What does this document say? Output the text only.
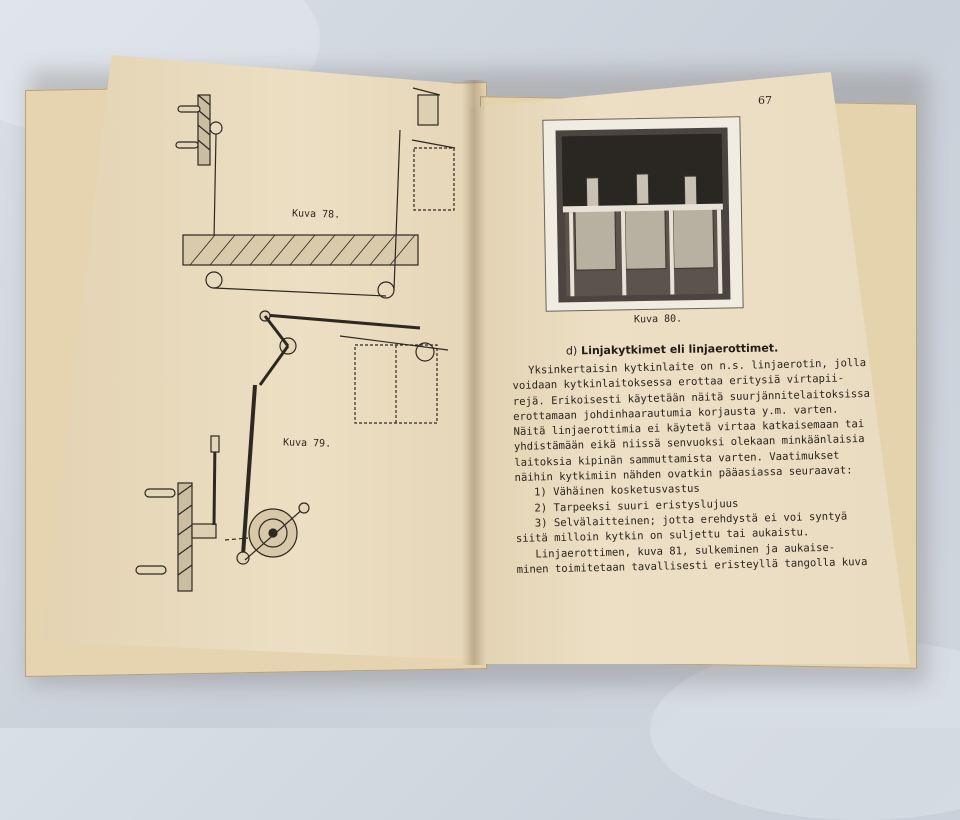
Kuva 78.
Kuva 79.
67
Kuva 80.
d) Linjakytkimet eli linjaerottimet.
Yksinkertaisin kytkinlaite on n.s. linjaerotin, jolla
voidaan kytkinlaitoksessa erottaa eritysiä virtapii-
rejä. Erikoisesti käytetään näitä suurjännitelaitoksissa
erottamaan johdinhaarautumia korjausta y.m. varten.
Näitä linjaerottimia ei käytetä virtaa katkaisemaan tai
yhdistämään eikä niissä senvuoksi olekaan minkäänlaisia
laitoksia kipinän sammuttamista varten. Vaatimukset
näihin kytkimiin nähden ovatkin pääasiassa seuraavat:
1) Vähäinen kosketusvastus
2) Tarpeeksi suuri eristyslujuus
3) Selvälaitteinen; jotta erehdystä ei voi syntyä
siitä milloin kytkin on suljettu tai aukaistu.
Linjaerottimen, kuva 81, sulkeminen ja aukaise-
minen toimitetaan tavallisesti eristeyllä tangolla kuva
